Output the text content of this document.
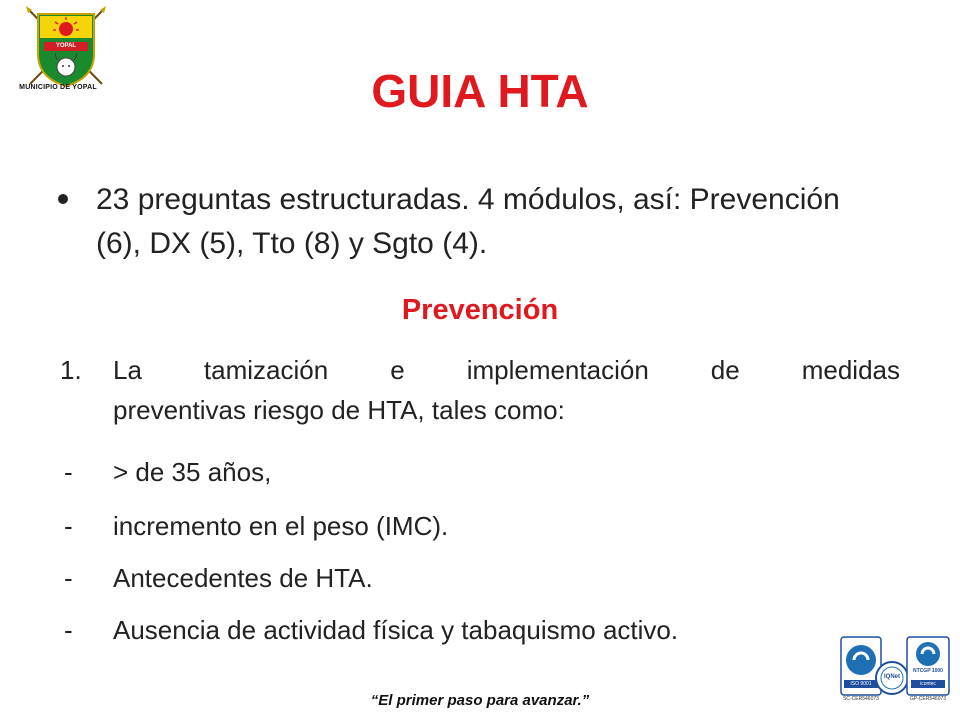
YOPAL
MUNICIPIO DE YOPAL	GUIA HTA
23 preguntas estructuradas. 4 módulos, así: Prevención (6), DX (5), Tto (8) y Sgto (4).
Prevención
1. La tamización e implementación de medidas
preventivas riesgo de HTA, tales como:
- > de 35 años,
- incremento en el peso (IMC).
- Antecedentes de HTA.
- Ausencia de actividad física y tabaquismo activo.
“El primer paso para avanzar.”
ISO 9001
SC-CER546073
IQNet
NTCGP 1000
icontec
GP-CER546073
